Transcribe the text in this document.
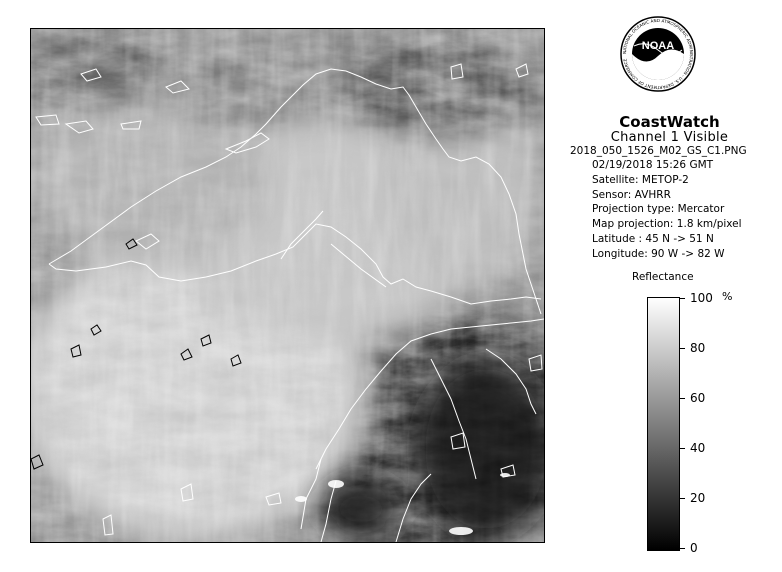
NOAA
NATIONAL OCEANIC AND ATMOSPHERIC ADMINISTRATION - U.S. DEPARTMENT OF COMMERCE
CoastWatch
Channel 1 Visible
2018_050_1526_M02_GS_C1.PNG
02/19/2018 15:26 GMT
Satellite: METOP-2
Sensor: AVHRR
Projection type: Mercator
Map projection: 1.8 km/pixel
Latitude : 45 N -> 51 N
Longitude: 90 W -> 82 W
Reflectance
%
100
80
60
40
20
0
